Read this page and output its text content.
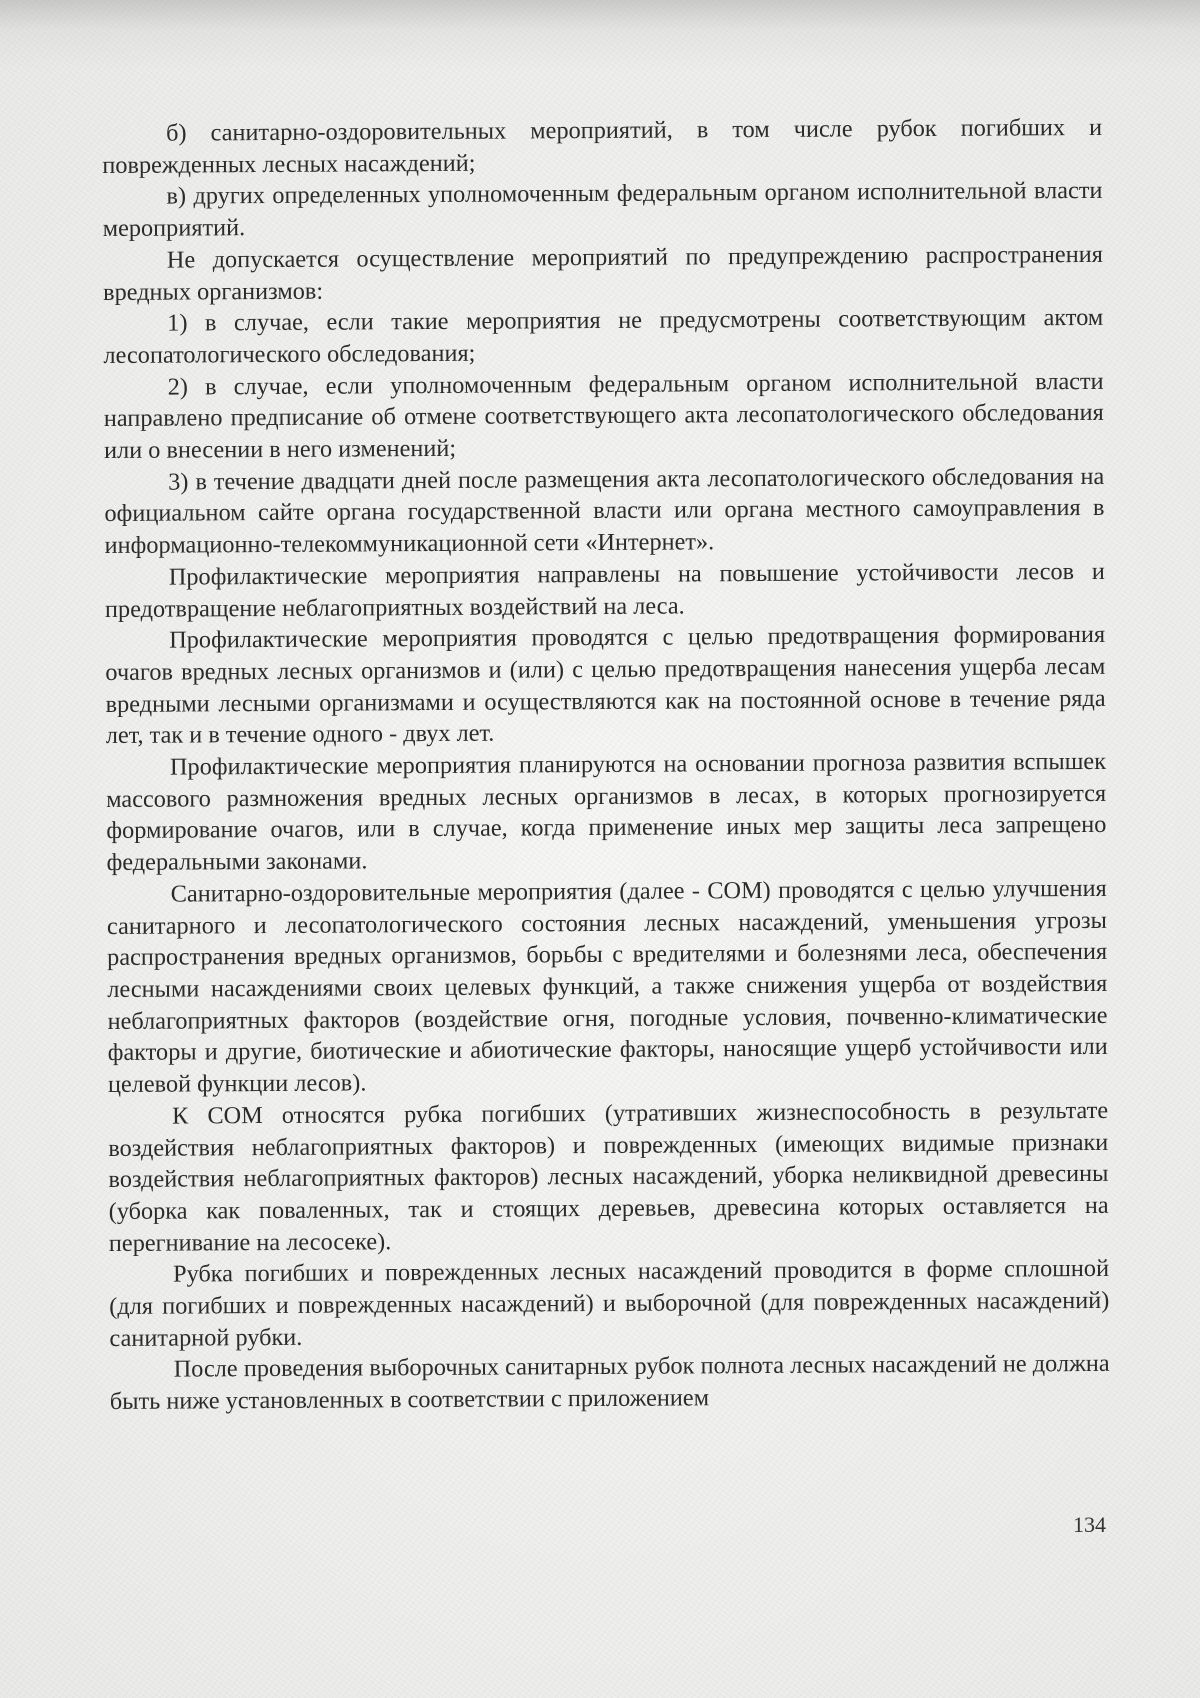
б) санитарно-оздоровительных мероприятий, в том числе рубок погибших и поврежденных лесных насаждений;

в) других определенных уполномоченным федеральным органом исполнительной власти мероприятий.

Не допускается осуществление мероприятий по предупреждению распространения вредных организмов:

1) в случае, если такие мероприятия не предусмотрены соответствующим актом лесопатологического обследования;

2) в случае, если уполномоченным федеральным органом исполнительной власти направлено предписание об отмене соответствующего акта лесопатологического обследования или о внесении в него изменений;

3) в течение двадцати дней после размещения акта лесопатологического обследования на официальном сайте органа государственной власти или органа местного самоуправления в информационно-телекоммуникационной сети «Интернет».

Профилактические мероприятия направлены на повышение устойчивости лесов и предотвращение неблагоприятных воздействий на леса.

Профилактические мероприятия проводятся с целью предотвращения формирования очагов вредных лесных организмов и (или) с целью предотвращения нанесения ущерба лесам вредными лесными организмами и осуществляются как на постоянной основе в течение ряда лет, так и в течение одного - двух лет.

Профилактические мероприятия планируются на основании прогноза развития вспышек массового размножения вредных лесных организмов в лесах, в которых прогнозируется формирование очагов, или в случае, когда применение иных мер защиты леса запрещено федеральными законами.

Санитарно-оздоровительные мероприятия (далее - СОМ) проводятся с целью улучшения санитарного и лесопатологического состояния лесных насаждений, уменьшения угрозы распространения вредных организмов, борьбы с вредителями и болезнями леса, обеспечения лесными насаждениями своих целевых функций, а также снижения ущерба от воздействия неблагоприятных факторов (воздействие огня, погодные условия, почвенно-климатические факторы и другие, биотические и абиотические факторы, наносящие ущерб устойчивости или целевой функции лесов).

К СОМ относятся рубка погибших (утративших жизнеспособность в результате воздействия неблагоприятных факторов) и поврежденных (имеющих видимые признаки воздействия неблагоприятных факторов) лесных насаждений, уборка неликвидной древесины (уборка как поваленных, так и стоящих деревьев, древесина которых оставляется на перегнивание на лесосеке).

Рубка погибших и поврежденных лесных насаждений проводится в форме сплошной (для погибших и поврежденных насаждений) и выборочной (для поврежденных насаждений) санитарной рубки.

После проведения выборочных санитарных рубок полнота лесных насаждений не должна быть ниже установленных в соответствии с приложением

134
